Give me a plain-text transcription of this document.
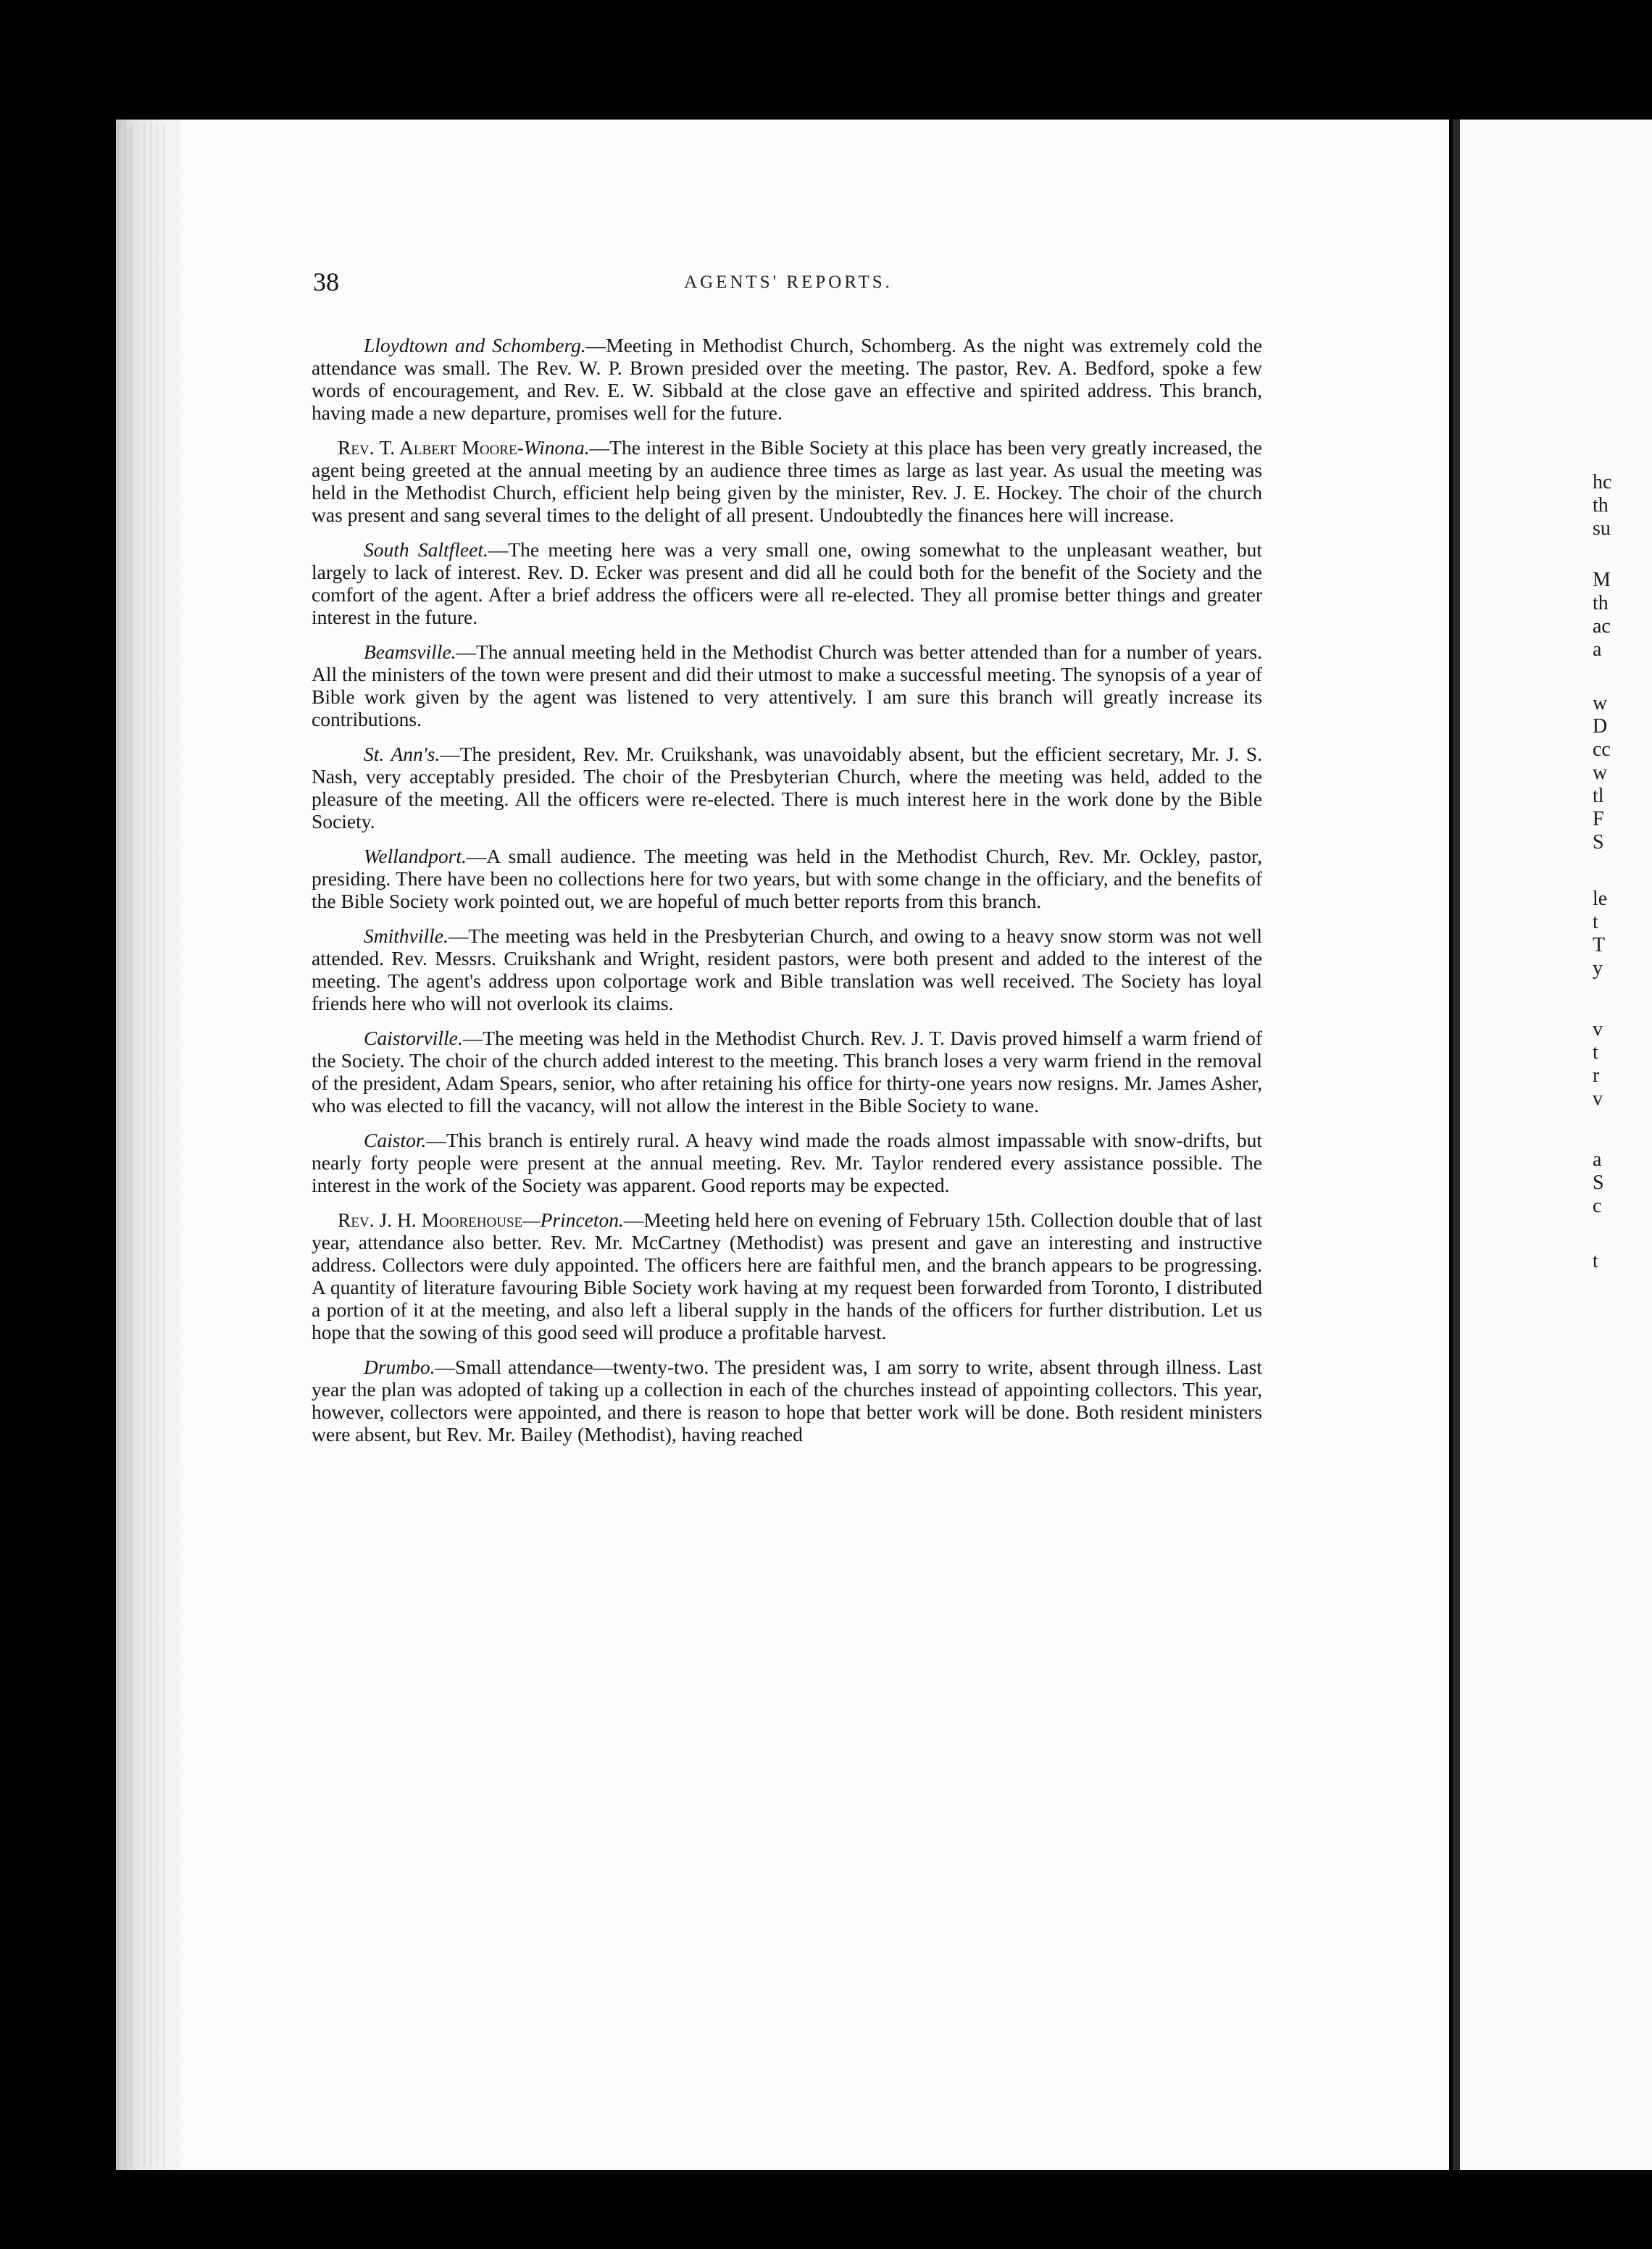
hc
th
su
M
th
ac
a
w
D
cc
w
tl
F
S
le
t
T
y
v
t
r
v
a
S
c
t
38	AGENTS' REPORTS.

Lloydtown and Schomberg.—Meeting in Methodist Church, Schomberg. As the night was extremely cold the attendance was small. The Rev. W. P. Brown presided over the meeting. The pastor, Rev. A. Bedford, spoke a few words of encouragement, and Rev. E. W. Sibbald at the close gave an effective and spirited address. This branch, having made a new departure, promises well for the future.

Rev. T. Albert Moore-Winona.—The interest in the Bible Society at this place has been very greatly increased, the agent being greeted at the annual meeting by an audience three times as large as last year. As usual the meeting was held in the Methodist Church, efficient help being given by the minister, Rev. J. E. Hockey. The choir of the church was present and sang several times to the delight of all present. Undoubtedly the finances here will increase.

South Saltfleet.—The meeting here was a very small one, owing somewhat to the unpleasant weather, but largely to lack of interest. Rev. D. Ecker was present and did all he could both for the benefit of the Society and the comfort of the agent. After a brief address the officers were all re-elected. They all promise better things and greater interest in the future.

Beamsville.—The annual meeting held in the Methodist Church was better attended than for a number of years. All the ministers of the town were present and did their utmost to make a successful meeting. The synopsis of a year of Bible work given by the agent was listened to very attentively. I am sure this branch will greatly increase its contributions.

St. Ann's.—The president, Rev. Mr. Cruikshank, was unavoidably absent, but the efficient secretary, Mr. J. S. Nash, very acceptably presided. The choir of the Presbyterian Church, where the meeting was held, added to the pleasure of the meeting. All the officers were re-elected. There is much interest here in the work done by the Bible Society.

Wellandport.—A small audience. The meeting was held in the Methodist Church, Rev. Mr. Ockley, pastor, presiding. There have been no collections here for two years, but with some change in the officiary, and the benefits of the Bible Society work pointed out, we are hopeful of much better reports from this branch.

Smithville.—The meeting was held in the Presbyterian Church, and owing to a heavy snow storm was not well attended. Rev. Messrs. Cruikshank and Wright, resident pastors, were both present and added to the interest of the meeting. The agent's address upon colportage work and Bible translation was well received. The Society has loyal friends here who will not overlook its claims.

Caistorville.—The meeting was held in the Methodist Church. Rev. J. T. Davis proved himself a warm friend of the Society. The choir of the church added interest to the meeting. This branch loses a very warm friend in the removal of the president, Adam Spears, senior, who after retaining his office for thirty-one years now resigns. Mr. James Asher, who was elected to fill the vacancy, will not allow the interest in the Bible Society to wane.

Caistor.—This branch is entirely rural. A heavy wind made the roads almost impassable with snow-drifts, but nearly forty people were present at the annual meeting. Rev. Mr. Taylor rendered every assistance possible. The interest in the work of the Society was apparent. Good reports may be expected.

Rev. J. H. Moorehouse—Princeton.—Meeting held here on evening of February 15th. Collection double that of last year, attendance also better. Rev. Mr. McCartney (Methodist) was present and gave an interesting and instructive address. Collectors were duly appointed. The officers here are faithful men, and the branch appears to be progressing. A quantity of literature favouring Bible Society work having at my request been forwarded from Toronto, I distributed a portion of it at the meeting, and also left a liberal supply in the hands of the officers for further distribution. Let us hope that the sowing of this good seed will produce a profitable harvest.

Drumbo.—Small attendance—twenty-two. The president was, I am sorry to write, absent through illness. Last year the plan was adopted of taking up a collection in each of the churches instead of appointing collectors. This year, however, collectors were appointed, and there is reason to hope that better work will be done. Both resident ministers were absent, but Rev. Mr. Bailey (Methodist), having reached
